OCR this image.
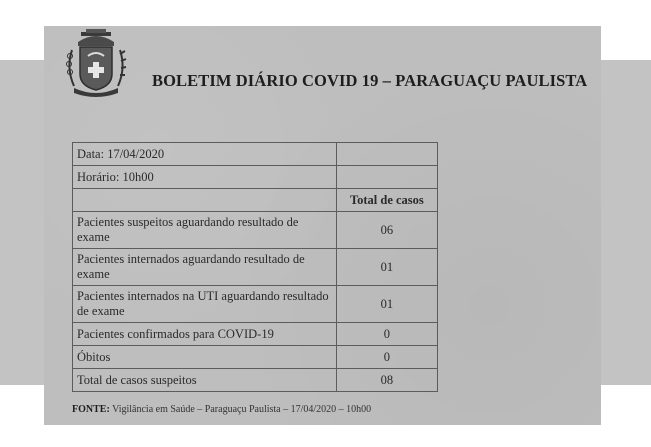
BOLETIM DIÁRIO COVID 19 – PARAGUAÇU PAULISTA
Data: 17/04/2020	
Horário: 10h00	
	Total de casos
Pacientes suspeitos aguardando resultado de exame	06
Pacientes internados aguardando resultado de exame	01
Pacientes internados na UTI aguardando resultado de exame	01
Pacientes confirmados para COVID-19	0
Óbitos	0
Total de casos suspeitos	08
FONTE: Vigilância em Saúde – Paraguaçu Paulista – 17/04/2020 – 10h00
